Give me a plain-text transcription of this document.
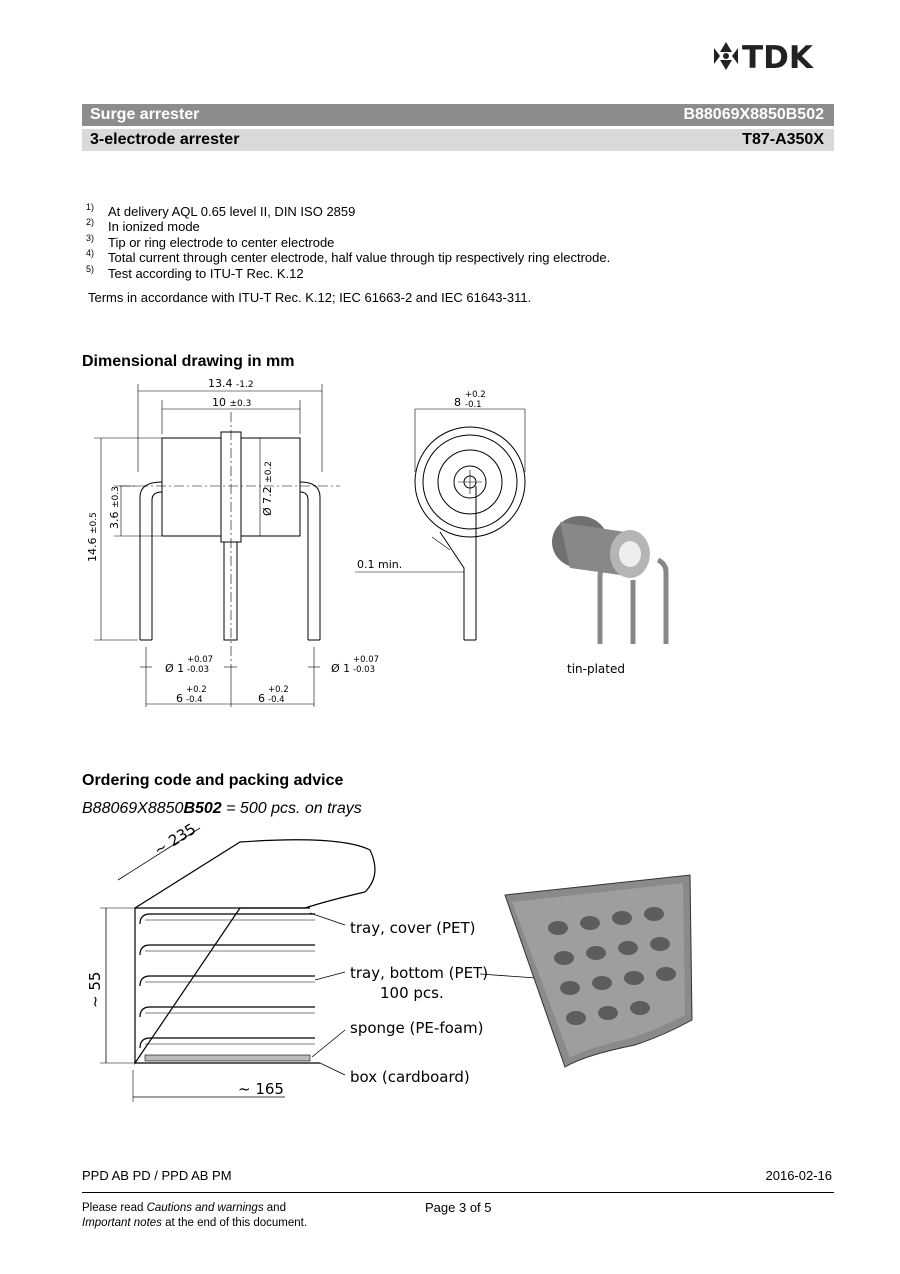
TDK
Surge arrester	B88069X8850B502
3-electrode arrester	T87-A350X
1) At delivery AQL 0.65 level II, DIN ISO 2859
2) In ionized mode
3) Tip or ring electrode to center electrode
4) Total current through center electrode, half value through tip respectively ring electrode.
5) Test according to ITU-T Rec. K.12
Terms in accordance with ITU-T Rec. K.12; IEC 61663-2 and IEC 61643-311.
Dimensional drawing in mm
13.4 -1.2
10 ±0.3
14.6 ±0.5 3.6 ±0.3	Ø 7.2 ±0.2
Ø 1
+0.07
-0.03	Ø 1
+0.07
-0.03
6
+0.2
-0.4	6
+0.2
-0.4
8
+0.2
-0.1
0.1 min.
tin-plated
Ordering code and packing advice
B88069X8850B502 = 500 pcs. on trays
~ 235
~ 55
~ 165
tray, cover (PET)
tray, bottom (PET)
100 pcs.
sponge (PE-foam)
box (cardboard)
PPD AB PD / PPD AB PM	2016-02-16
Please read Cautions and warnings and
Important notes at the end of this document.
Page 3 of 5
